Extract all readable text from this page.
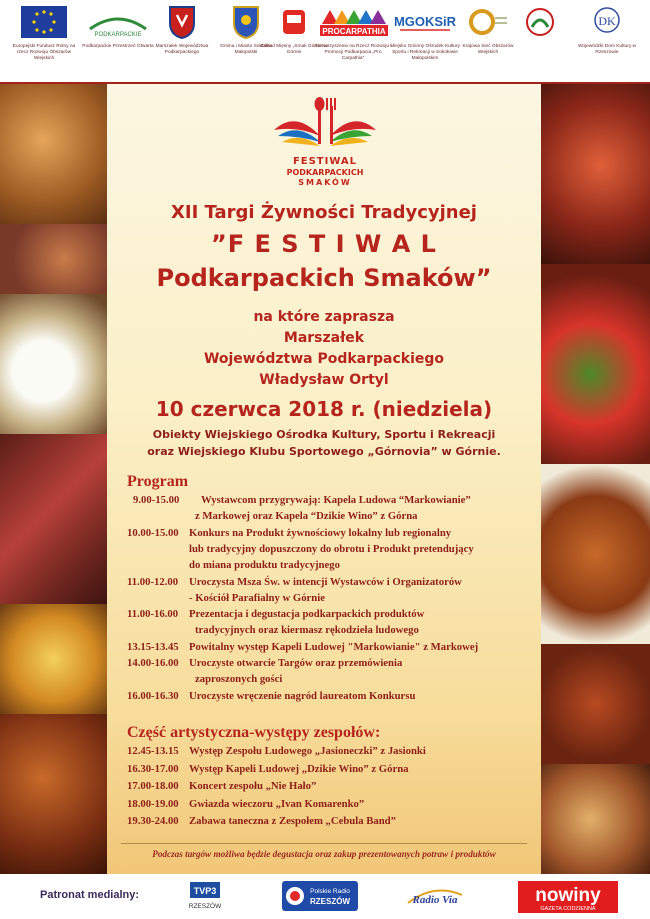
Europejski Fundusz Rolny na rzecz Rozwoju Obszarów Wiejskich
PODKARPACKIE
Podkarpackie Przestrzeń Otwarta Marszałek Województwa Podkarpackiego
Gmina i Miasto Sokołów Małopolski
Zakład Mięsny „Smak Górno” w Górnie
PROCARPATHIA
Stowarzyszenie na Rzecz Rozwoju i Promocji Podkarpacia „Pro Carpathia”
MGOKSiR
Miejsko Gminny Ośrodek Kultury Sportu i Rekreacji w Sokołowie Małopolskim
Krajowa Sieć Obszarów Wiejskich
DK
Wojewódzki Dom Kultury w Rzeszowie
FESTIWAL
PODKARPACKICH
SMAKÓW
XII Targi Żywności Tradycyjnej
”F E S T I W A L
Podkarpackich Smaków”
na które zaprasza
Marszałek
Województwa Podkarpackiego
Władysław Ortyl
10 czerwca 2018 r. (niedziela)
Obiekty Wiejskiego Ośrodka Kultury, Sportu i Rekreacji
oraz Wiejskiego Klubu Sportowego „Górnovia” w Górnie.
Program
9.00-15.00	Wystawcom przygrywają: Kapela Ludowa “Markowianie”
z Markowej oraz Kapela “Dzikie Wino” z Górna
10.00-15.00 Konkurs na Produkt żywnościowy lokalny lub regionalny
lub tradycyjny dopuszczony do obrotu i Produkt pretendujący
do miana produktu tradycyjnego
11.00-12.00	Uroczysta Msza Św. w intencji Wystawców i Organizatorów
- Kościół Parafialny w Górnie
11.00-16.00	Prezentacja i degustacja podkarpackich produktów
tradycyjnych oraz kiermasz rękodzieła ludowego
13.15-13.45 Powitalny występ Kapeli Ludowej "Markowianie" z Markowej
14.00-16.00 Uroczyste otwarcie Targów oraz przemówienia
zaproszonych gości
16.00-16.30 Uroczyste wręczenie nagród laureatom Konkursu
Część artystyczna-występy zespołów:
12.45-13.15 Występ Zespołu Ludowego „Jasioneczki” z Jasionki
16.30-17.00 Występ Kapeli Ludowej „Dzikie Wino” z Górna
17.00-18.00 Koncert zespołu „Nie Hało”
18.00-19.00 Gwiazda wieczoru „Ivan Komarenko”
19.30-24.00 Zabawa taneczna z Zespołem „Cebula Band”
Podczas targów możliwa będzie degustacja oraz zakup prezentowanych potraw i produktów
Patronat medialny:	TVP3
RZESZÓW
Polskie Radio
RZESZÓW	Radio Via	nowiny
GAZETA CODZIENNA
